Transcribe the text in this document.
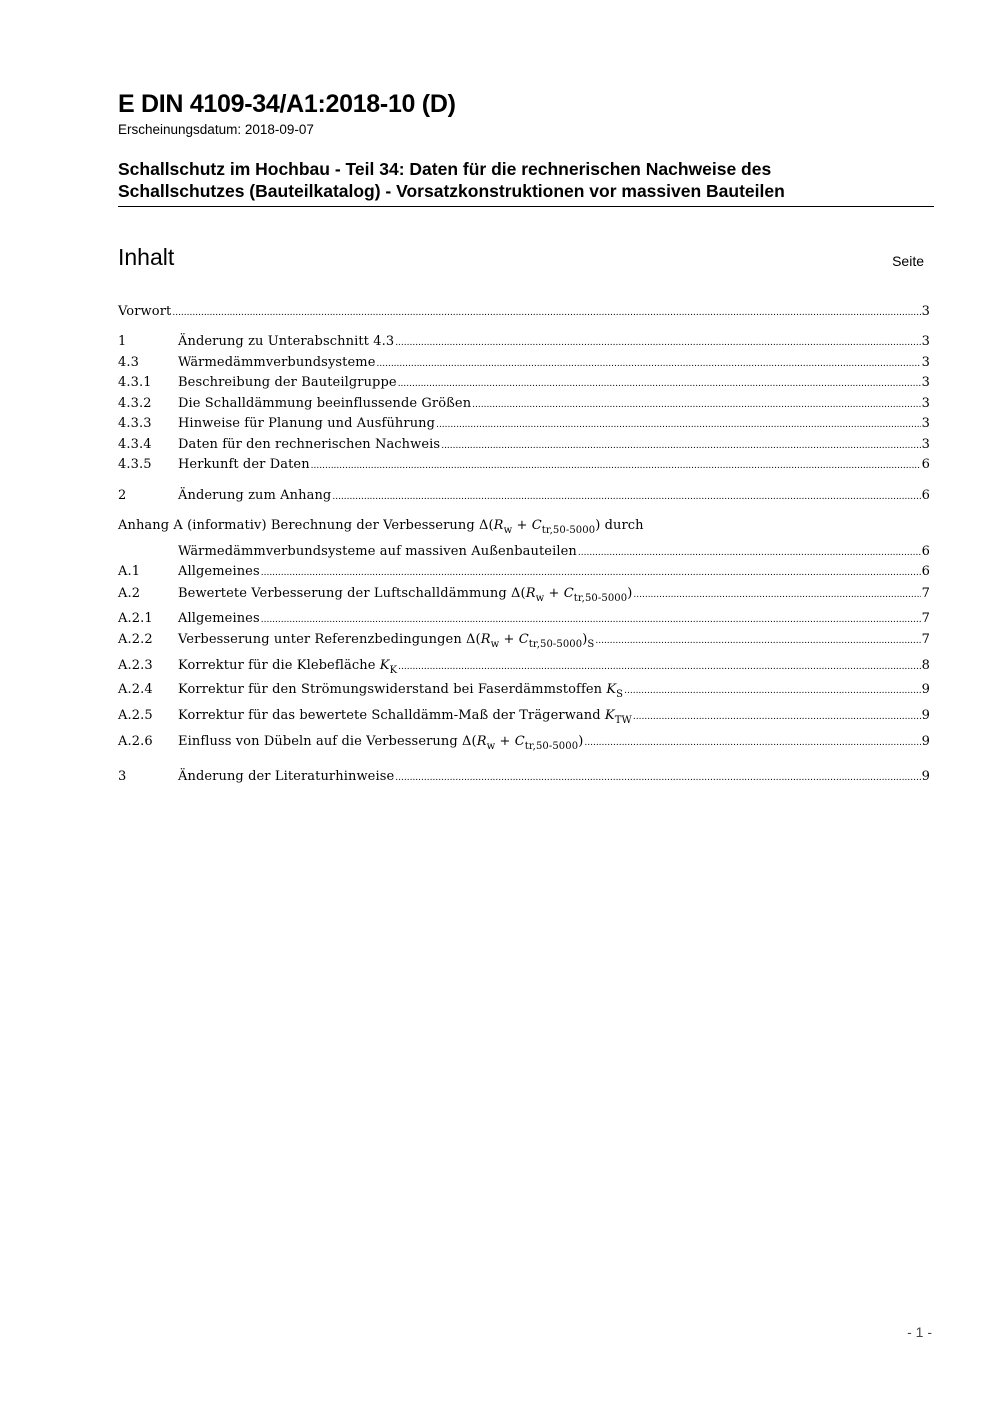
E DIN 4109-34/A1:2018-10 (D)
Erscheinungsdatum: 2018-09-07
Schallschutz im Hochbau - Teil 34: Daten für die rechnerischen Nachweise des Schallschutzes (Bauteilkatalog) - Vorsatzkonstruktionen vor massiven Bauteilen
Inhalt	Seite
Vorwort .....	3
1	Änderung zu Unterabschnitt 4.3 .....	3
4.3	Wärmedämmverbundsysteme .....	3
4.3.1	Beschreibung der Bauteilgruppe .....	3
4.3.2	Die Schalldämmung beeinflussende Größen .....	3
4.3.3	Hinweise für Planung und Ausführung .....	3
4.3.4	Daten für den rechnerischen Nachweis .....	3
4.3.5	Herkunft der Daten .....	6
2	Änderung zum Anhang .....	6
Anhang A (informativ) Berechnung der Verbesserung $\Delta(R_w + C_{tr,50-5000})$ durch
Wärmedämmverbundsysteme auf massiven Außenbauteilen .....	6
A.1	Allgemeines .....	6
A.2	Bewertete Verbesserung der Luftschalldämmung $\Delta(R_w + C_{tr,50-5000})$ .....	7
A.2.1	Allgemeines .....	7
A.2.2	Verbesserung unter Referenzbedingungen $\Delta(R_w + C_{tr,50-5000})_S$ .....	7
A.2.3	Korrektur für die Klebefläche $K_K$ .....	8
A.2.4	Korrektur für den Strömungswiderstand bei Faserdämmstoffen $K_S$ .....	9
A.2.5	Korrektur für das bewertete Schalldämm-Maß der Trägerwand $K_{TW}$ .....	9
A.2.6	Einfluss von Dübeln auf die Verbesserung $\Delta(R_w + C_{tr,50-5000})$ .....	9
3	Änderung der Literaturhinweise .....	9
- 1 -
